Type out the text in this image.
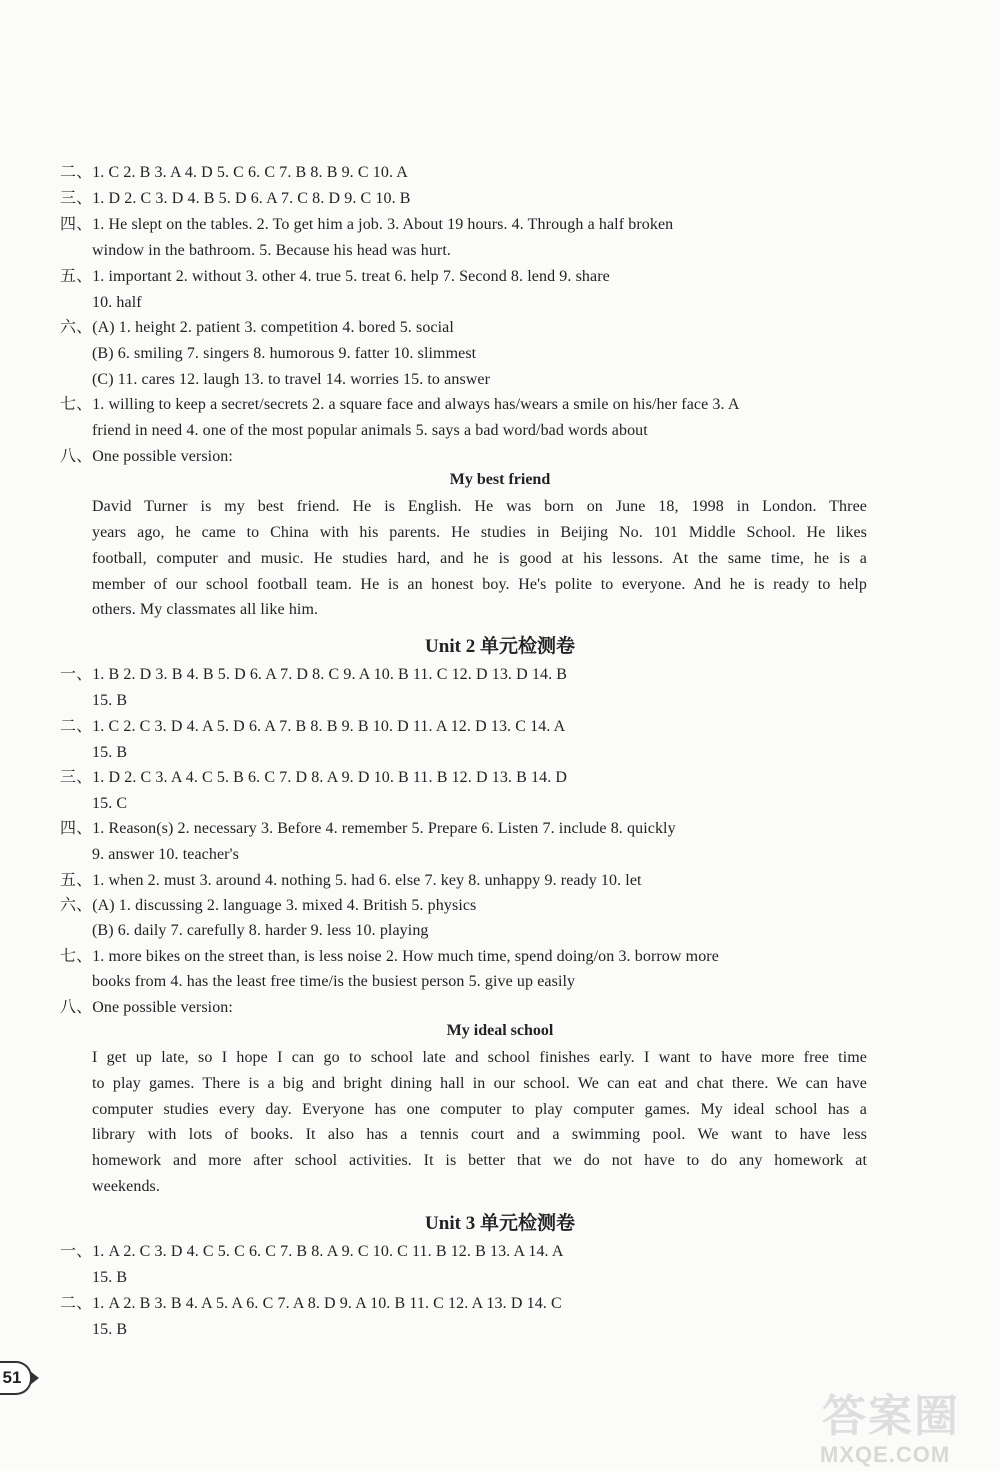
二、1. C 2. B 3. A 4. D 5. C 6. C 7. B 8. B 9. C 10. A
三、1. D 2. C 3. D 4. B 5. D 6. A 7. C 8. D 9. C 10. B
四、1. He slept on the tables. 2. To get him a job. 3. About 19 hours. 4. Through a half broken
window in the bathroom. 5. Because his head was hurt.
五、1. important 2. without 3. other 4. true 5. treat 6. help 7. Second 8. lend 9. share
10. half
六、(A) 1. height 2. patient 3. competition 4. bored 5. social
(B) 6. smiling 7. singers 8. humorous 9. fatter 10. slimmest
(C) 11. cares 12. laugh 13. to travel 14. worries 15. to answer
七、1. willing to keep a secret/secrets 2. a square face and always has/wears a smile on his/her face 3. A
friend in need 4. one of the most popular animals 5. says a bad word/bad words about
八、One possible version:
My best friend
David Turner is my best friend. He is English. He was born on June 18, 1998 in London. Three
years ago, he came to China with his parents. He studies in Beijing No. 101 Middle School. He likes
football, computer and music. He studies hard, and he is good at his lessons. At the same time, he is a
member of our school football team. He is an honest boy. He's polite to everyone. And he is ready to help
others. My classmates all like him.
Unit 2 单元检测卷
一、1. B 2. D 3. B 4. B 5. D 6. A 7. D 8. C 9. A 10. B 11. C 12. D 13. D 14. B
15. B
二、1. C 2. C 3. D 4. A 5. D 6. A 7. B 8. B 9. B 10. D 11. A 12. D 13. C 14. A
15. B
三、1. D 2. C 3. A 4. C 5. B 6. C 7. D 8. A 9. D 10. B 11. B 12. D 13. B 14. D
15. C
四、1. Reason(s) 2. necessary 3. Before 4. remember 5. Prepare 6. Listen 7. include 8. quickly
9. answer 10. teacher's
五、1. when 2. must 3. around 4. nothing 5. had 6. else 7. key 8. unhappy 9. ready 10. let
六、(A) 1. discussing 2. language 3. mixed 4. British 5. physics
(B) 6. daily 7. carefully 8. harder 9. less 10. playing
七、1. more bikes on the street than, is less noise 2. How much time, spend doing/on 3. borrow more
books from 4. has the least free time/is the busiest person 5. give up easily
八、One possible version:
My ideal school
I get up late, so I hope I can go to school late and school finishes early. I want to have more free time
to play games. There is a big and bright dining hall in our school. We can eat and chat there. We can have
computer studies every day. Everyone has one computer to play computer games. My ideal school has a
library with lots of books. It also has a tennis court and a swimming pool. We want to have less
homework and more after school activities. It is better that we do not have to do any homework at
weekends.
Unit 3 单元检测卷
一、1. A 2. C 3. D 4. C 5. C 6. C 7. B 8. A 9. C 10. C 11. B 12. B 13. A 14. A
15. B
二、1. A 2. B 3. B 4. A 5. A 6. C 7. A 8. D 9. A 10. B 11. C 12. A 13. D 14. C
15. B
51
答案圈
MXQE.COM
